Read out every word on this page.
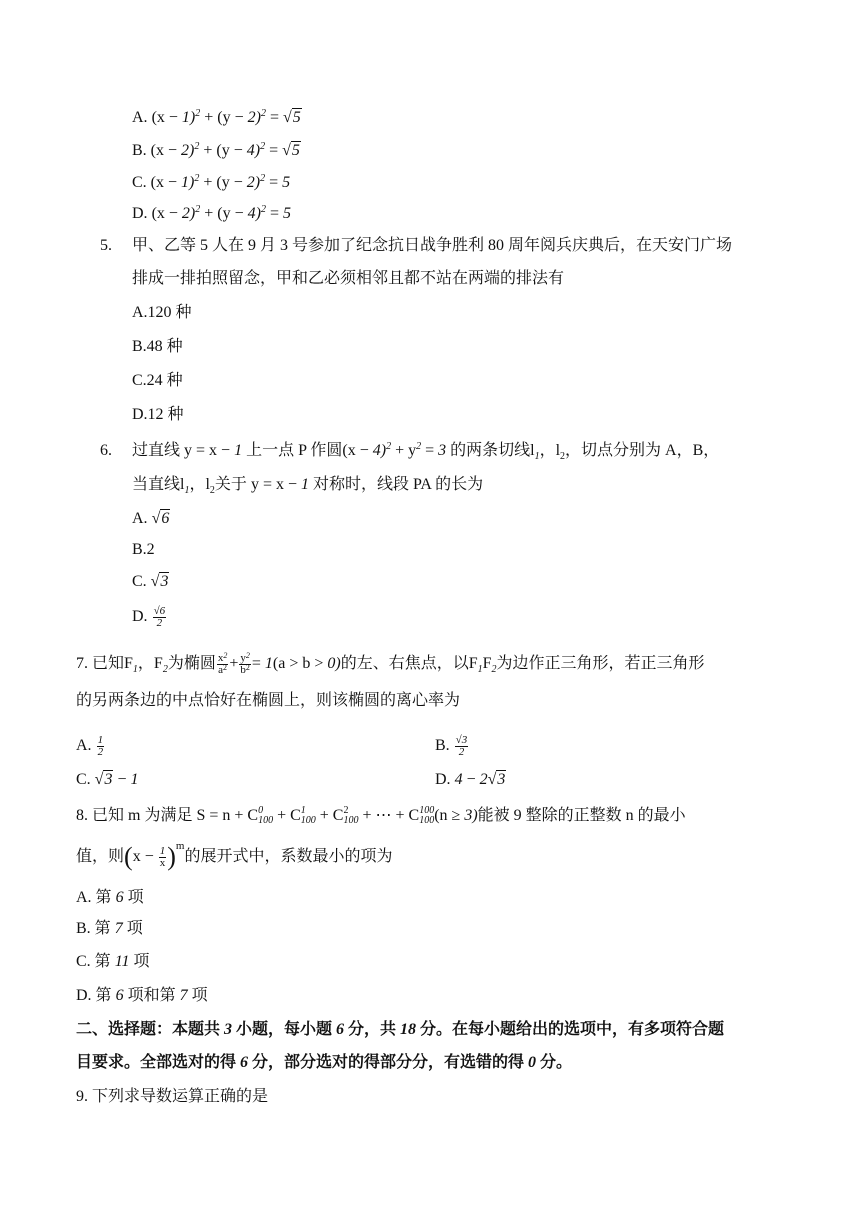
A. $(x - 1)^2 + (y - 2)^2 = √5$
B. $(x - 2)^2 + (y - 4)^2 = √5$
C. $(x - 1)^2 + (y - 2)^2 = 5$
D. $(x - 2)^2 + (y - 4)^2 = 5$
5. 甲、乙等 5 人在 9 月 3 号参加了纪念抗日战争胜利 80 周年阅兵庆典后，在天安门广场
排成一排拍照留念，甲和乙必须相邻且都不站在两端的排法有
A.120 种
B.48 种
C.24 种
D.12 种
6. 过直线 y = x − 1 上一点 P 作圆$(x - 4)^2 + y^2 = 3$ 的两条切线$l_1$，$l_2$，切点分别为 A，B，
当直线$l_1$，$l_2$关于 y = x − 1 对称时，线段 PA 的长为
A. √6
B.2
C. √3
D. $\frac{√6}{2}$
7. 已知$F_1$，$F_2$为椭圆 $\frac{x^2}{a^2} + \frac{y^2}{b^2} = 1(a > b > 0)$的左、右焦点，以$F_1F_2$为边作正三角形，若正三角形
的另两条边的中点恰好在椭圆上，则该椭圆的离心率为
A. $\frac{1}{2}$	B. $\frac{√3}{2}$
C. √3 − 1	D. 4 − 2√3
8. 已知 m 为满足 S = n + C 0
100 + C 1
100 + C 2
100 + ⋯ + C 100
100 (n ≥ 3)能被 9 整除的正整数 n 的最小
值，则$(x - \frac{1}{x} )^m$的展开式中，系数最小的项为
A. 第 6 项
B. 第 7 项
C. 第 11 项
D. 第 6 项和第 7 项
二、选择题：本题共 3 小题，每小题 6 分，共 18 分。在每小题给出的选项中，有多项符合题
目要求。全部选对的得 6 分，部分选对的得部分分，有选错的得 0 分。
9. 下列求导数运算正确的是
